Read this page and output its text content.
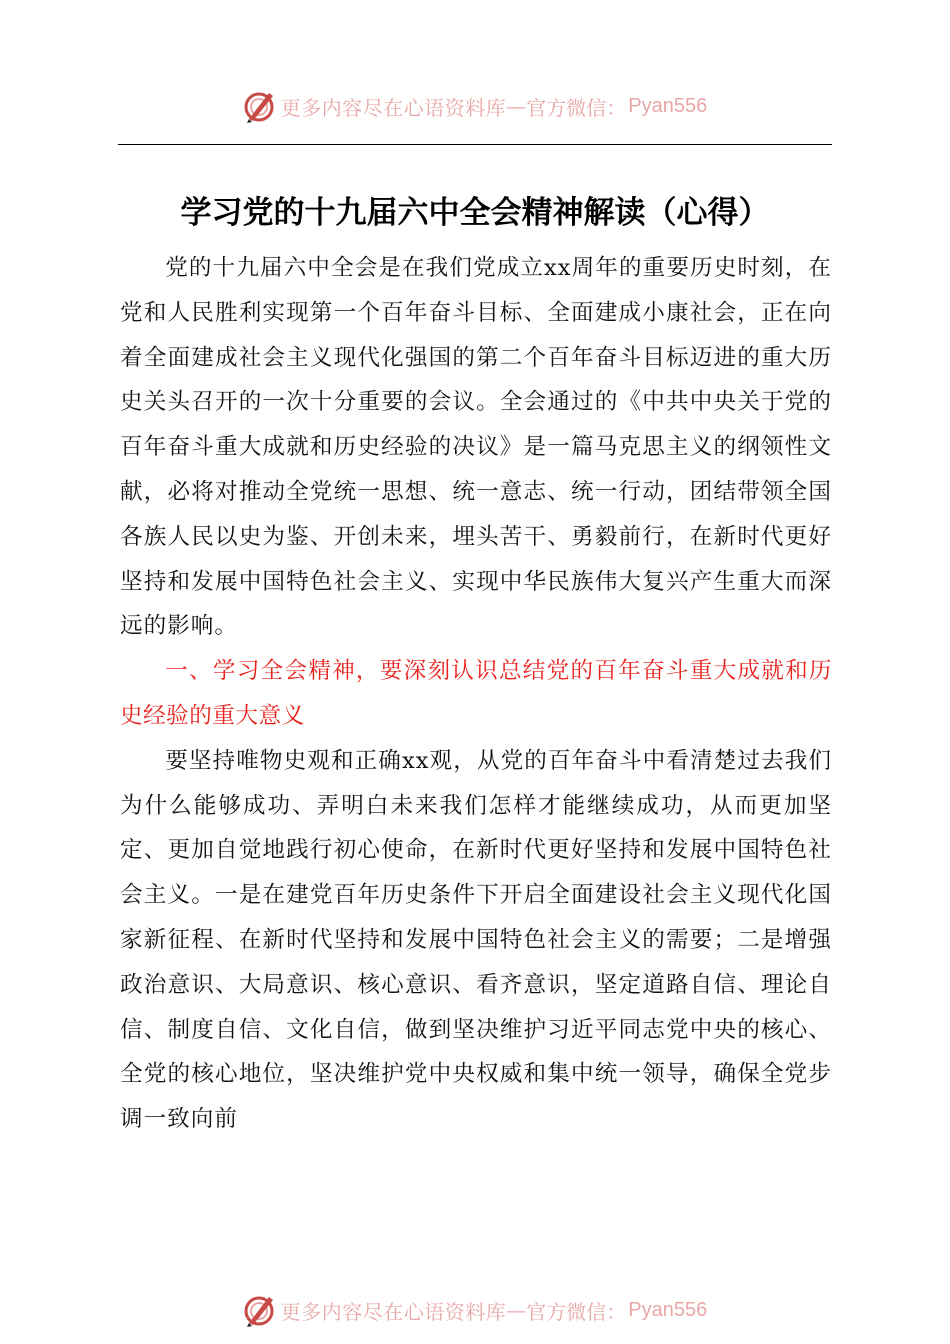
更多内容尽在心语资料库 — 官方微信： Pyan556
学习党的十九届六中全会精神解读（心得）

党的十九届六中全会是在我们党成立xx周年的重要历史时刻，在党和人民胜利实现第一个百年奋斗目标、全面建成小康社会，正在向着全面建成社会主义现代化强国的第二个百年奋斗目标迈进的重大历史关头召开的一次十分重要的会议。全会通过的《中共中央关于党的百年奋斗重大成就和历史经验的决议》是一篇马克思主义的纲领性文献，必将对推动全党统一思想、统一意志、统一行动，团结带领全国各族人民以史为鉴、开创未来，埋头苦干、勇毅前行，在新时代更好坚持和发展中国特色社会主义、实现中华民族伟大复兴产生重大而深远的影响。

一、学习全会精神，要深刻认识总结党的百年奋斗重大成就和历史经验的重大意义

要坚持唯物史观和正确xx观，从党的百年奋斗中看清楚过去我们为什么能够成功、弄明白未来我们怎样才能继续成功，从而更加坚定、更加自觉地践行初心使命，在新时代更好坚持和发展中国特色社会主义。一是在建党百年历史条件下开启全面建设社会主义现代化国家新征程、在新时代坚持和发展中国特色社会主义的需要；二是增强政治意识、大局意识、核心意识、看齐意识，坚定道路自信、理论自信、制度自信、文化自信，做到坚决维护习近平同志党中央的核心、全党的核心地位，坚决维护党中央权威和集中统一领导，确保全党步调一致向前

更多内容尽在心语资料库 — 官方微信： Pyan556
